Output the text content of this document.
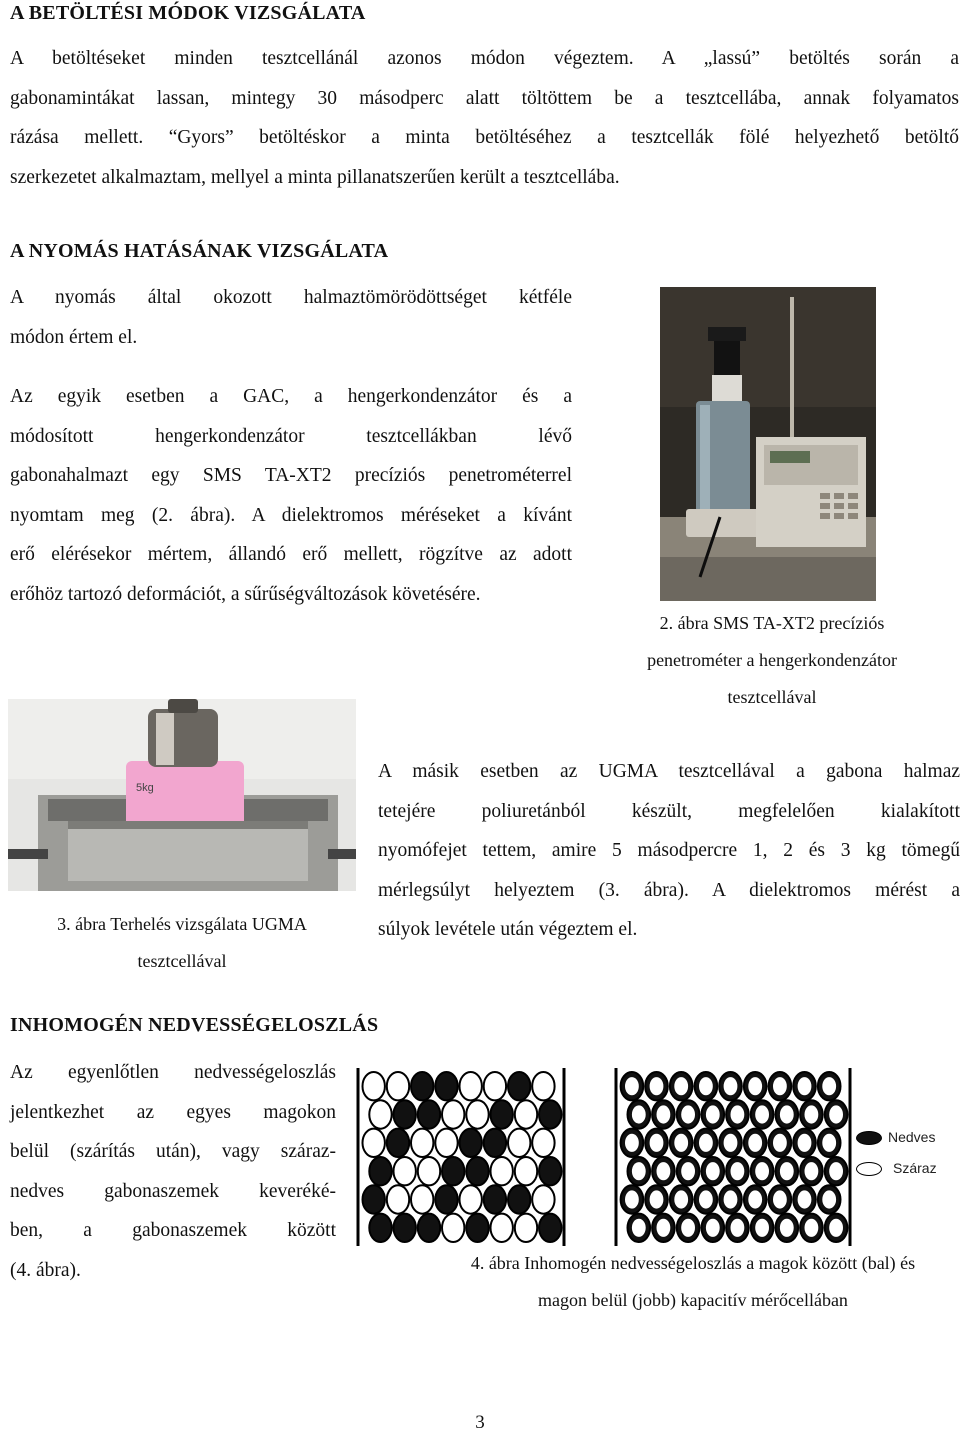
A BETÖLTÉSI MÓDOK VIZSGÁLATA
A betöltéseket minden tesztcellánál azonos módon végeztem. A „lassú” betöltés során a
gabonamintákat lassan, mintegy 30 másodperc alatt töltöttem be a tesztcellába, annak folyamatos
rázása mellett. “Gyors” betöltéskor a minta betöltéséhez a tesztcellák fölé helyezhető betöltő
szerkezetet alkalmaztam, mellyel a minta pillanatszerűen került a tesztcellába.
A NYOMÁS HATÁSÁNAK VIZSGÁLATA
A nyomás által okozott halmaztömörödöttséget kétféle
módon értem el.
Az egyik esetben a GAC, a hengerkondenzátor és a
módosított hengerkondenzátor tesztcellákban lévő
gabonahalmazt egy SMS TA-XT2 precíziós penetrométerrel
nyomtam meg (2. ábra). A dielektromos méréseket a kívánt
erő elérésekor mértem, állandó erő mellett, rögzítve az adott
erőhöz tartozó deformációt, a sűrűségváltozások követésére.
2. ábra SMS TA-XT2 precíziós
penetrométer a hengerkondenzátor
tesztcellával
5kg
3. ábra Terhelés vizsgálata UGMA
tesztcellával
A másik esetben az UGMA tesztcellával a gabona halmaz
tetejére poliuretánból készült, megfelelően kialakított
nyomófejet tettem, amire 5 másodpercre 1, 2 és 3 kg tömegű
mérlegsúlyt helyeztem (3. ábra). A dielektromos mérést a
súlyok levétele után végeztem el.
INHOMOGÉN NEDVESSÉGELOSZLÁS
Az egyenlőtlen nedvességeloszlás
jelentkezhet az egyes magokon
belül (szárítás után), vagy száraz-
nedves gabonaszemek keveréké-
ben, a gabonaszemek között
(4. ábra).
Nedves
Száraz
4. ábra Inhomogén nedvességeloszlás a magok között (bal) és
magon belül (jobb) kapacitív mérőcellában
3
